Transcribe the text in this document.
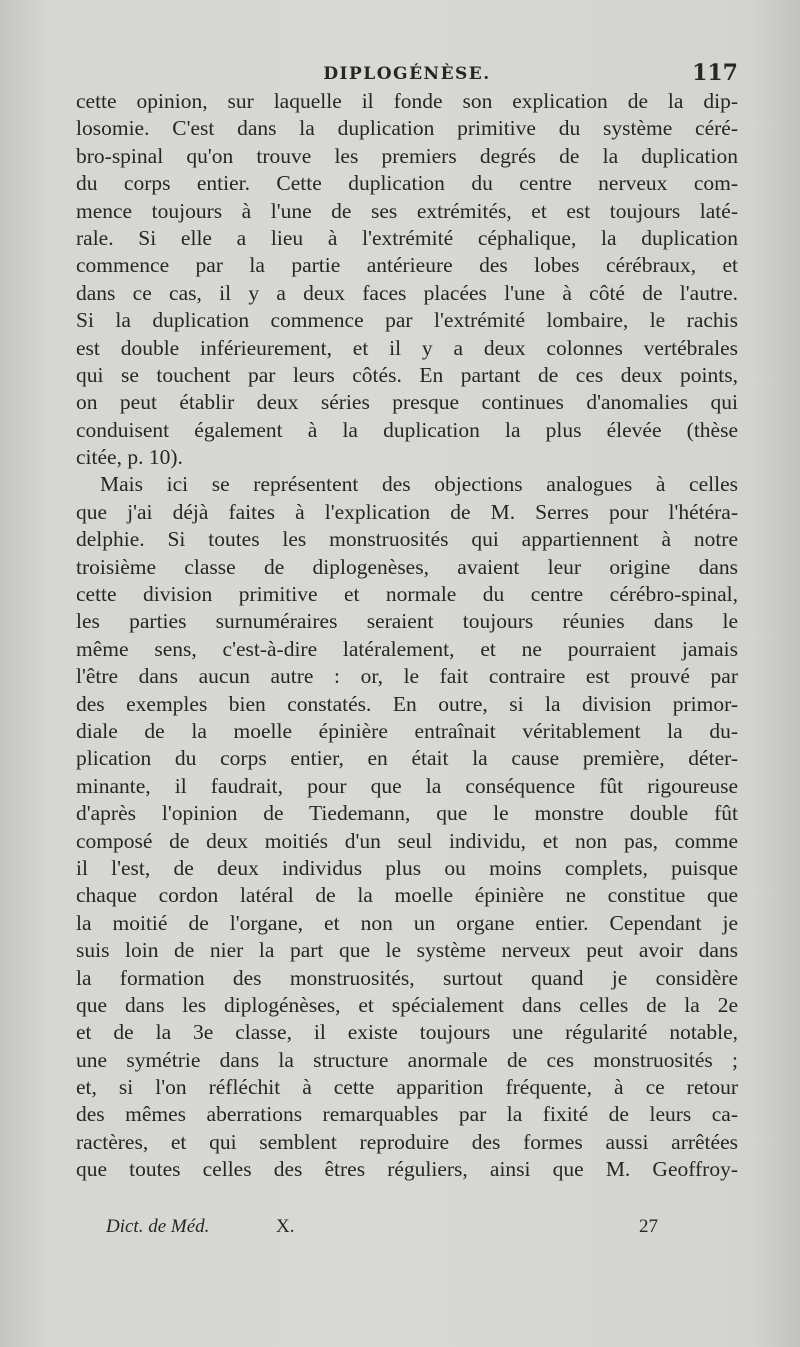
DIPLOGÉNÈSE.	117
cette opinion, sur laquelle il fonde son explication de la dip-
losomie. C'est dans la duplication primitive du système céré-
bro-spinal qu'on trouve les premiers degrés de la duplication
du corps entier. Cette duplication du centre nerveux com-
mence toujours à l'une de ses extrémités, et est toujours laté-
rale. Si elle a lieu à l'extrémité céphalique, la duplication
commence par la partie antérieure des lobes cérébraux, et
dans ce cas, il y a deux faces placées l'une à côté de l'autre.
Si la duplication commence par l'extrémité lombaire, le rachis
est double inférieurement, et il y a deux colonnes vertébrales
qui se touchent par leurs côtés. En partant de ces deux points,
on peut établir deux séries presque continues d'anomalies qui
conduisent également à la duplication la plus élevée (thèse
citée, p. 10).
Mais ici se représentent des objections analogues à celles
que j'ai déjà faites à l'explication de M. Serres pour l'hétéra-
delphie. Si toutes les monstruosités qui appartiennent à notre
troisième classe de diplogenèses, avaient leur origine dans
cette division primitive et normale du centre cérébro-spinal,
les parties surnuméraires seraient toujours réunies dans le
même sens, c'est-à-dire latéralement, et ne pourraient jamais
l'être dans aucun autre : or, le fait contraire est prouvé par
des exemples bien constatés. En outre, si la division primor-
diale de la moelle épinière entraînait véritablement la du-
plication du corps entier, en était la cause première, déter-
minante, il faudrait, pour que la conséquence fût rigoureuse
d'après l'opinion de Tiedemann, que le monstre double fût
composé de deux moitiés d'un seul individu, et non pas, comme
il l'est, de deux individus plus ou moins complets, puisque
chaque cordon latéral de la moelle épinière ne constitue que
la moitié de l'organe, et non un organe entier. Cependant je
suis loin de nier la part que le système nerveux peut avoir dans
la formation des monstruosités, surtout quand je considère
que dans les diplogénèses, et spécialement dans celles de la 2e
et de la 3e classe, il existe toujours une régularité notable,
une symétrie dans la structure anormale de ces monstruosités ;
et, si l'on réfléchit à cette apparition fréquente, à ce retour
des mêmes aberrations remarquables par la fixité de leurs ca-
ractères, et qui semblent reproduire des formes aussi arrêtées
que toutes celles des êtres réguliers, ainsi que M. Geoffroy-
Dict. de Méd.	X.	27
